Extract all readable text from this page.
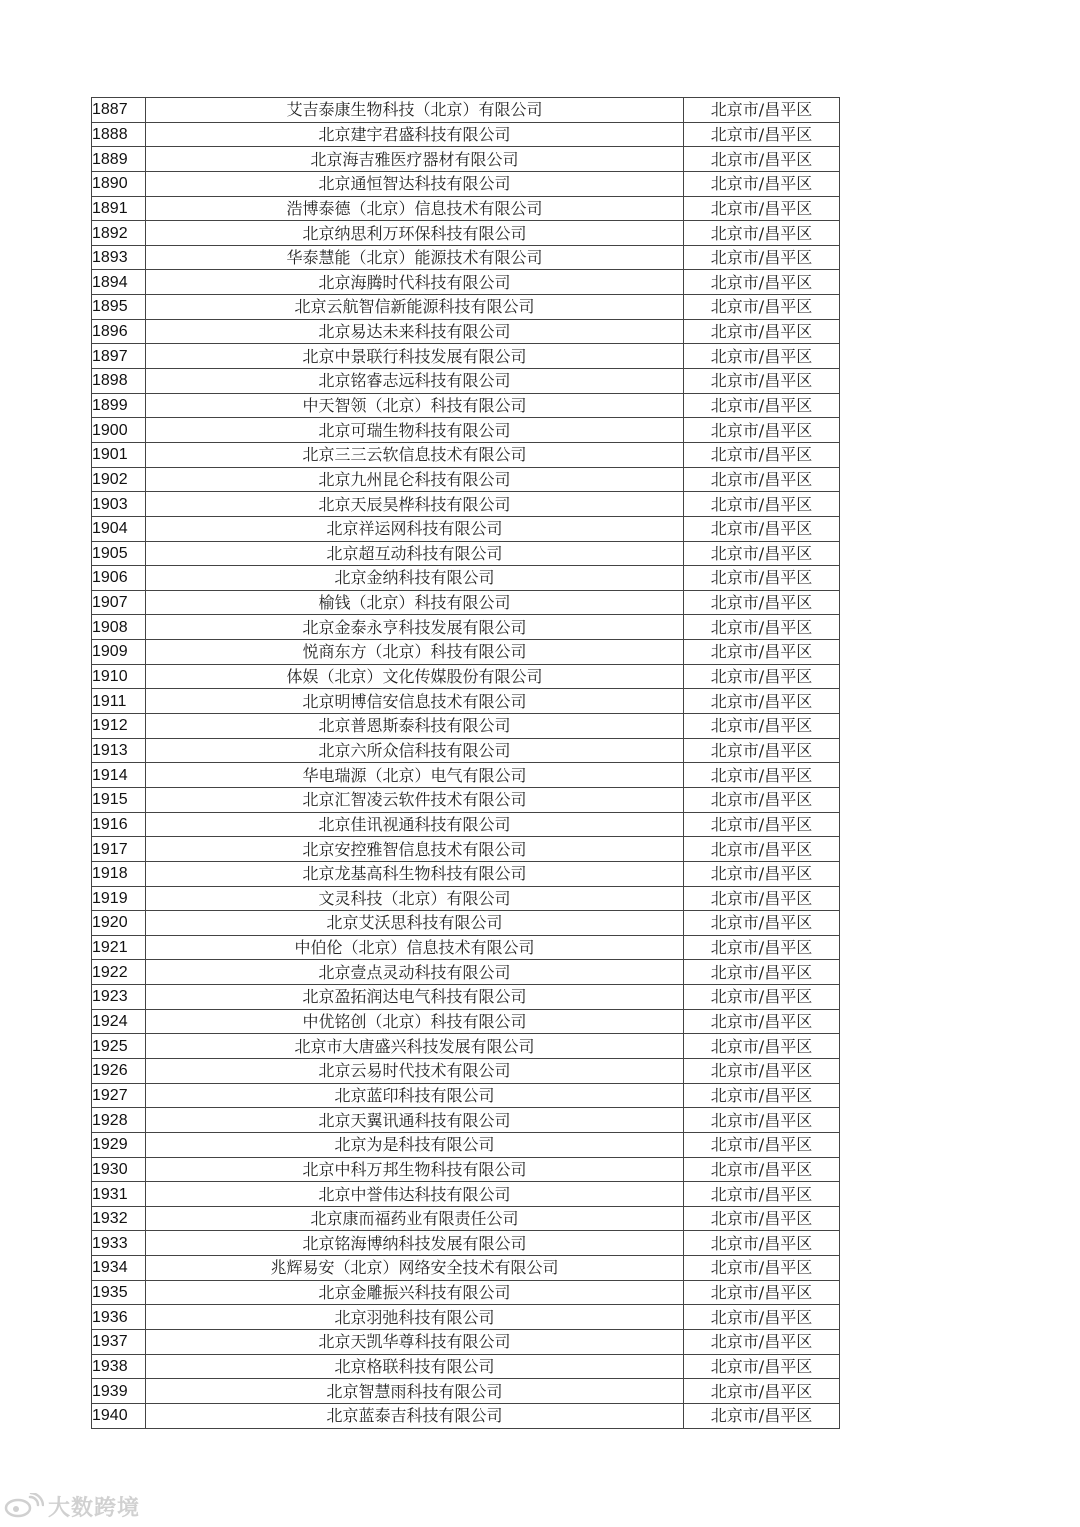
1887	艾吉泰康生物科技（北京）有限公司	北京市/昌平区
1888	北京建宇君盛科技有限公司	北京市/昌平区
1889	北京海吉雅医疗器材有限公司	北京市/昌平区
1890	北京通恒智达科技有限公司	北京市/昌平区
1891	浩博泰德（北京）信息技术有限公司	北京市/昌平区
1892	北京纳思利万环保科技有限公司	北京市/昌平区
1893	华泰慧能（北京）能源技术有限公司	北京市/昌平区
1894	北京海腾时代科技有限公司	北京市/昌平区
1895	北京云航智信新能源科技有限公司	北京市/昌平区
1896	北京易达未来科技有限公司	北京市/昌平区
1897	北京中景联行科技发展有限公司	北京市/昌平区
1898	北京铭睿志远科技有限公司	北京市/昌平区
1899	中天智领（北京）科技有限公司	北京市/昌平区
1900	北京可瑞生物科技有限公司	北京市/昌平区
1901	北京三三云软信息技术有限公司	北京市/昌平区
1902	北京九州昆仑科技有限公司	北京市/昌平区
1903	北京天辰昊桦科技有限公司	北京市/昌平区
1904	北京祥运网科技有限公司	北京市/昌平区
1905	北京超互动科技有限公司	北京市/昌平区
1906	北京金纳科技有限公司	北京市/昌平区
1907	榆钱（北京）科技有限公司	北京市/昌平区
1908	北京金泰永亨科技发展有限公司	北京市/昌平区
1909	悦商东方（北京）科技有限公司	北京市/昌平区
1910	体娱（北京）文化传媒股份有限公司	北京市/昌平区
1911	北京明博信安信息技术有限公司	北京市/昌平区
1912	北京普恩斯泰科技有限公司	北京市/昌平区
1913	北京六所众信科技有限公司	北京市/昌平区
1914	华电瑞源（北京）电气有限公司	北京市/昌平区
1915	北京汇智凌云软件技术有限公司	北京市/昌平区
1916	北京佳讯视通科技有限公司	北京市/昌平区
1917	北京安控雅智信息技术有限公司	北京市/昌平区
1918	北京龙基高科生物科技有限公司	北京市/昌平区
1919	文灵科技（北京）有限公司	北京市/昌平区
1920	北京艾沃思科技有限公司	北京市/昌平区
1921	中伯伦（北京）信息技术有限公司	北京市/昌平区
1922	北京壹点灵动科技有限公司	北京市/昌平区
1923	北京盈拓润达电气科技有限公司	北京市/昌平区
1924	中优铭创（北京）科技有限公司	北京市/昌平区
1925	北京市大唐盛兴科技发展有限公司	北京市/昌平区
1926	北京云易时代技术有限公司	北京市/昌平区
1927	北京蓝印科技有限公司	北京市/昌平区
1928	北京天翼讯通科技有限公司	北京市/昌平区
1929	北京为是科技有限公司	北京市/昌平区
1930	北京中科万邦生物科技有限公司	北京市/昌平区
1931	北京中誉伟达科技有限公司	北京市/昌平区
1932	北京康而福药业有限责任公司	北京市/昌平区
1933	北京铭海博纳科技发展有限公司	北京市/昌平区
1934	兆辉易安（北京）网络安全技术有限公司	北京市/昌平区
1935	北京金雕振兴科技有限公司	北京市/昌平区
1936	北京羽弛科技有限公司	北京市/昌平区
1937	北京天凯华尊科技有限公司	北京市/昌平区
1938	北京格联科技有限公司	北京市/昌平区
1939	北京智慧雨科技有限公司	北京市/昌平区
1940	北京蓝泰吉科技有限公司	北京市/昌平区
大数跨境
